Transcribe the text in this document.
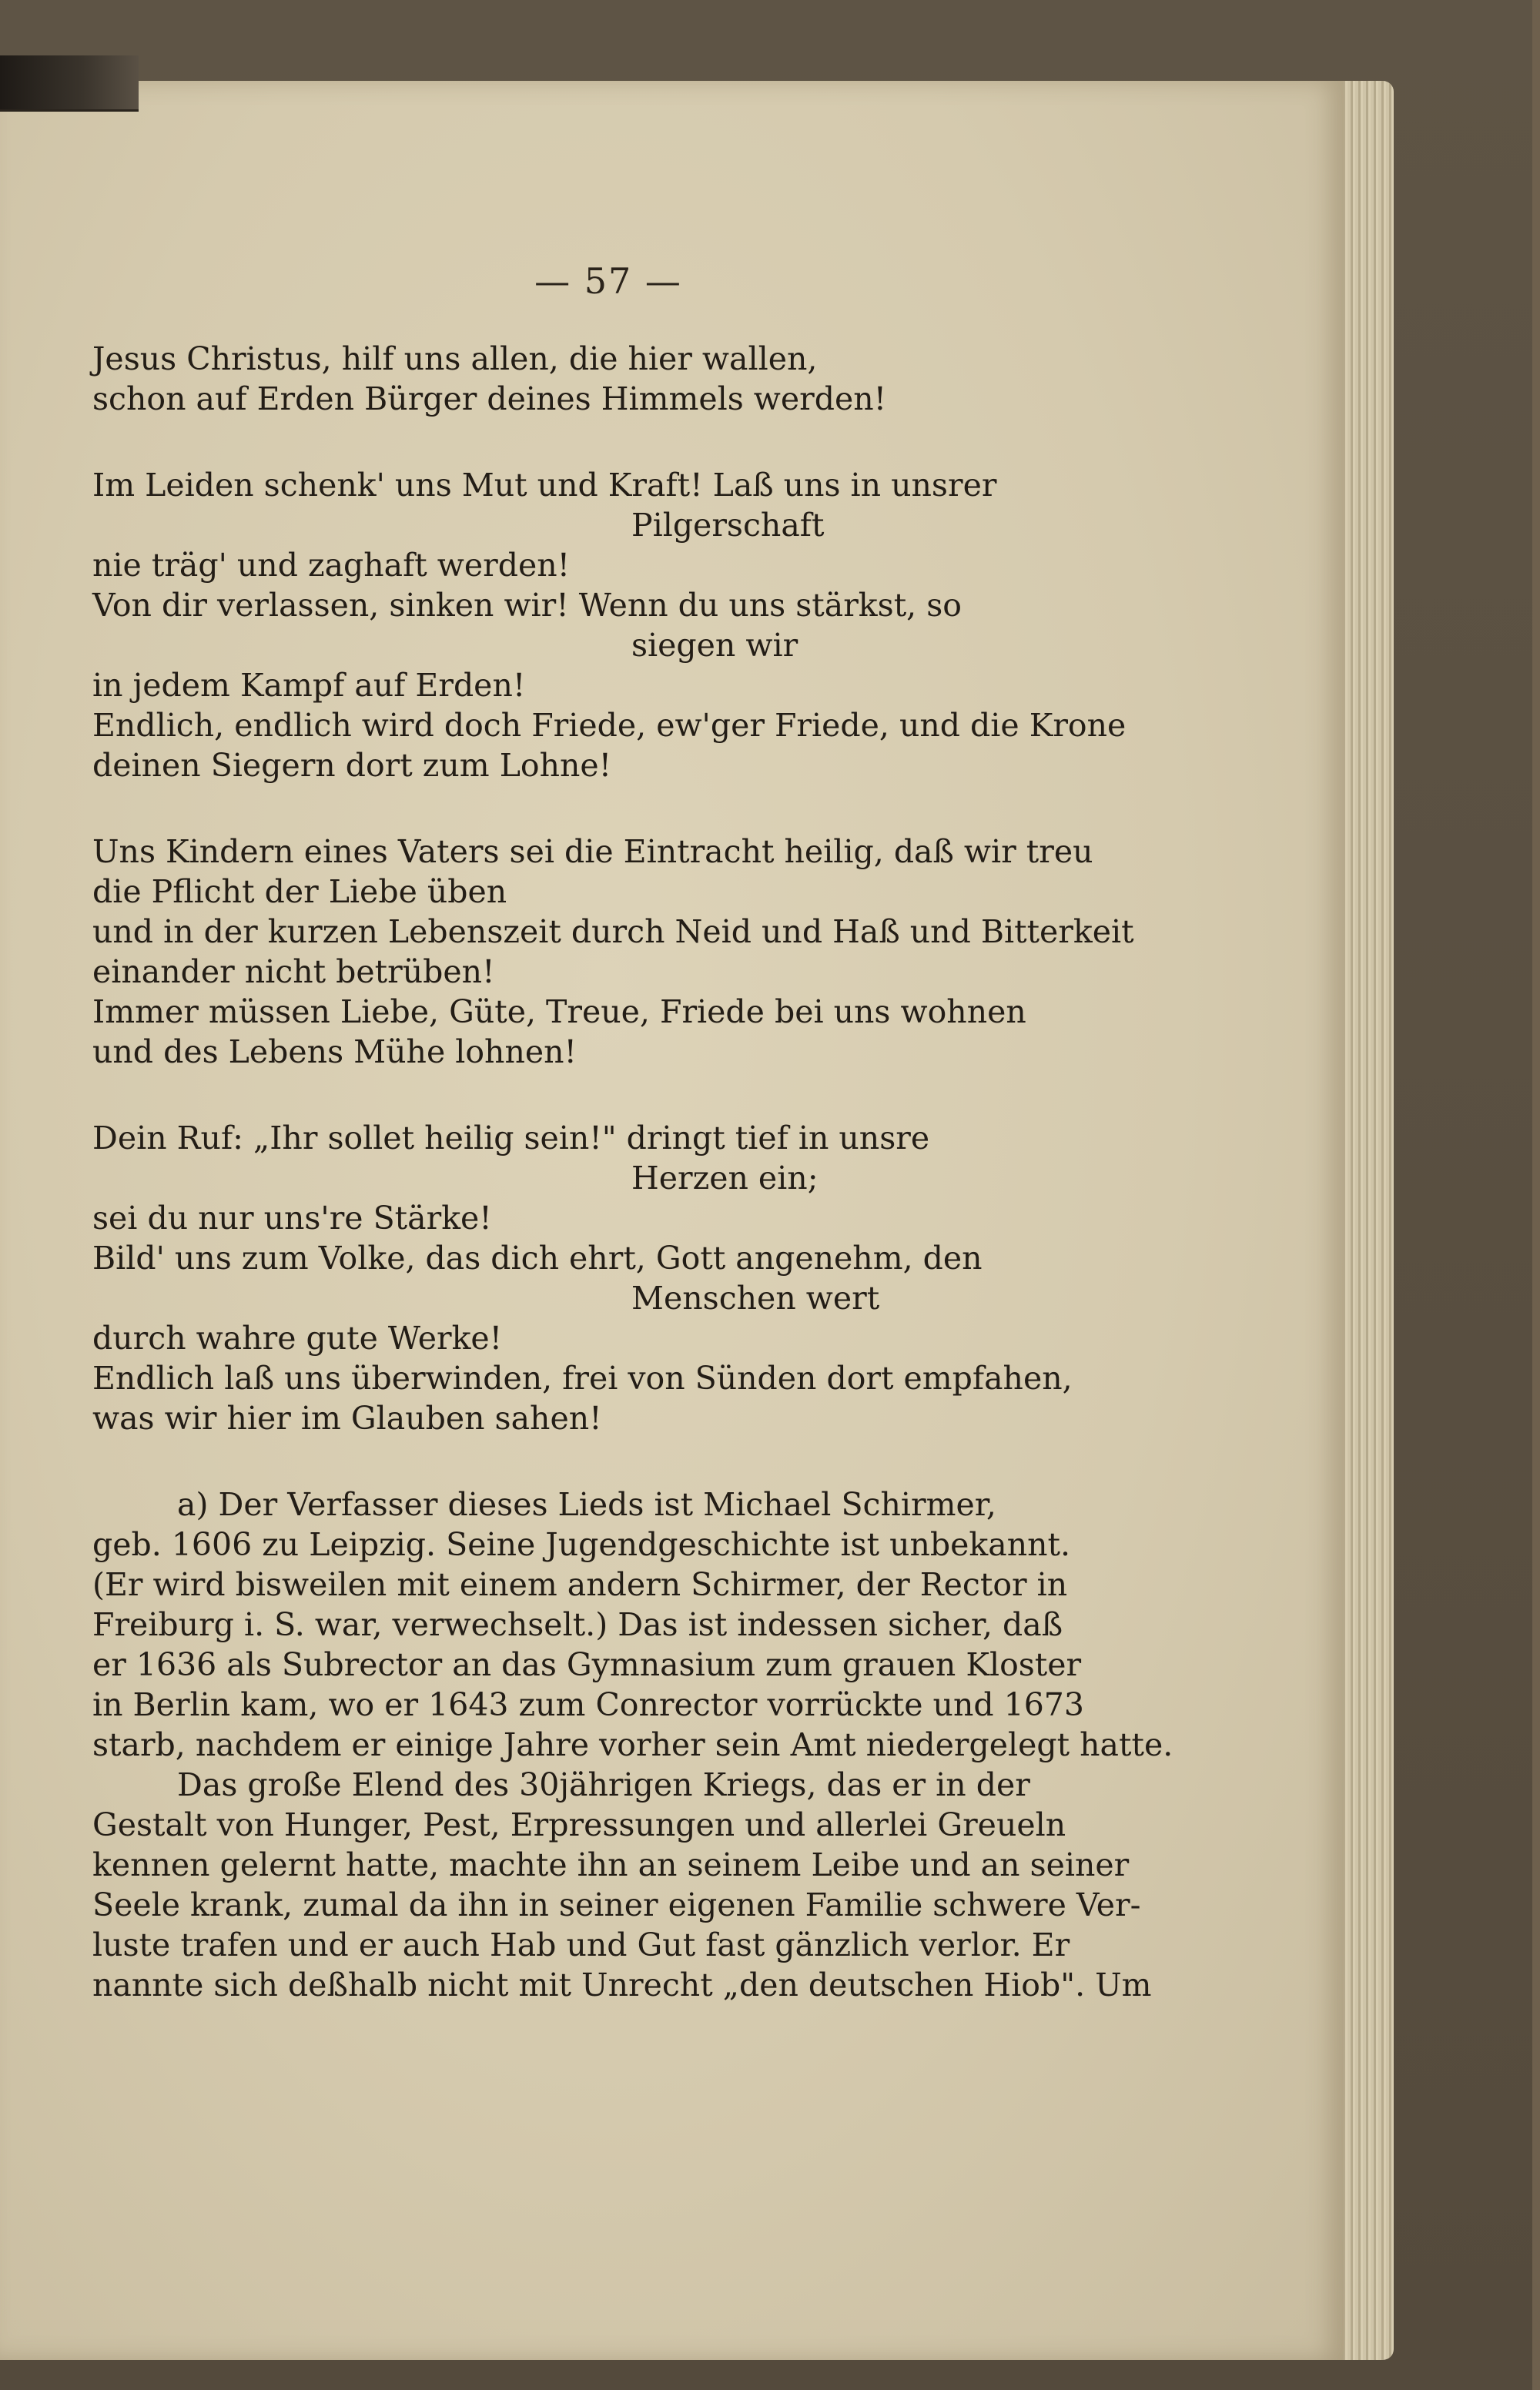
— 57 —
Jesus Christus, hilf uns allen, die hier wallen,
schon auf Erden Bürger deines Himmels werden!
Im Leiden schenk' uns Mut und Kraft! Laß uns in unsrer
Pilgerschaft
nie träg' und zaghaft werden!
Von dir verlassen, sinken wir! Wenn du uns stärkst, so
siegen wir
in jedem Kampf auf Erden!
Endlich, endlich wird doch Friede, ew'ger Friede, und die Krone
deinen Siegern dort zum Lohne!
Uns Kindern eines Vaters sei die Eintracht heilig, daß wir treu
die Pflicht der Liebe üben
und in der kurzen Lebenszeit durch Neid und Haß und Bitterkeit
einander nicht betrüben!
Immer müssen Liebe, Güte, Treue, Friede bei uns wohnen
und des Lebens Mühe lohnen!
Dein Ruf: „Ihr sollet heilig sein!" dringt tief in unsre
Herzen ein;
sei du nur uns're Stärke!
Bild' uns zum Volke, das dich ehrt, Gott angenehm, den
Menschen wert
durch wahre gute Werke!
Endlich laß uns überwinden, frei von Sünden dort empfahen,
was wir hier im Glauben sahen!
a) Der Verfasser dieses Lieds ist Michael Schirmer,
geb. 1606 zu Leipzig. Seine Jugendgeschichte ist unbekannt.
(Er wird bisweilen mit einem andern Schirmer, der Rector in
Freiburg i. S. war, verwechselt.) Das ist indessen sicher, daß
er 1636 als Subrector an das Gymnasium zum grauen Kloster
in Berlin kam, wo er 1643 zum Conrector vorrückte und 1673
starb, nachdem er einige Jahre vorher sein Amt niedergelegt hatte.
Das große Elend des 30jährigen Kriegs, das er in der
Gestalt von Hunger, Pest, Erpressungen und allerlei Greueln
kennen gelernt hatte, machte ihn an seinem Leibe und an seiner
Seele krank, zumal da ihn in seiner eigenen Familie schwere Ver-
luste trafen und er auch Hab und Gut fast gänzlich verlor. Er
nannte sich deßhalb nicht mit Unrecht „den deutschen Hiob". Um
